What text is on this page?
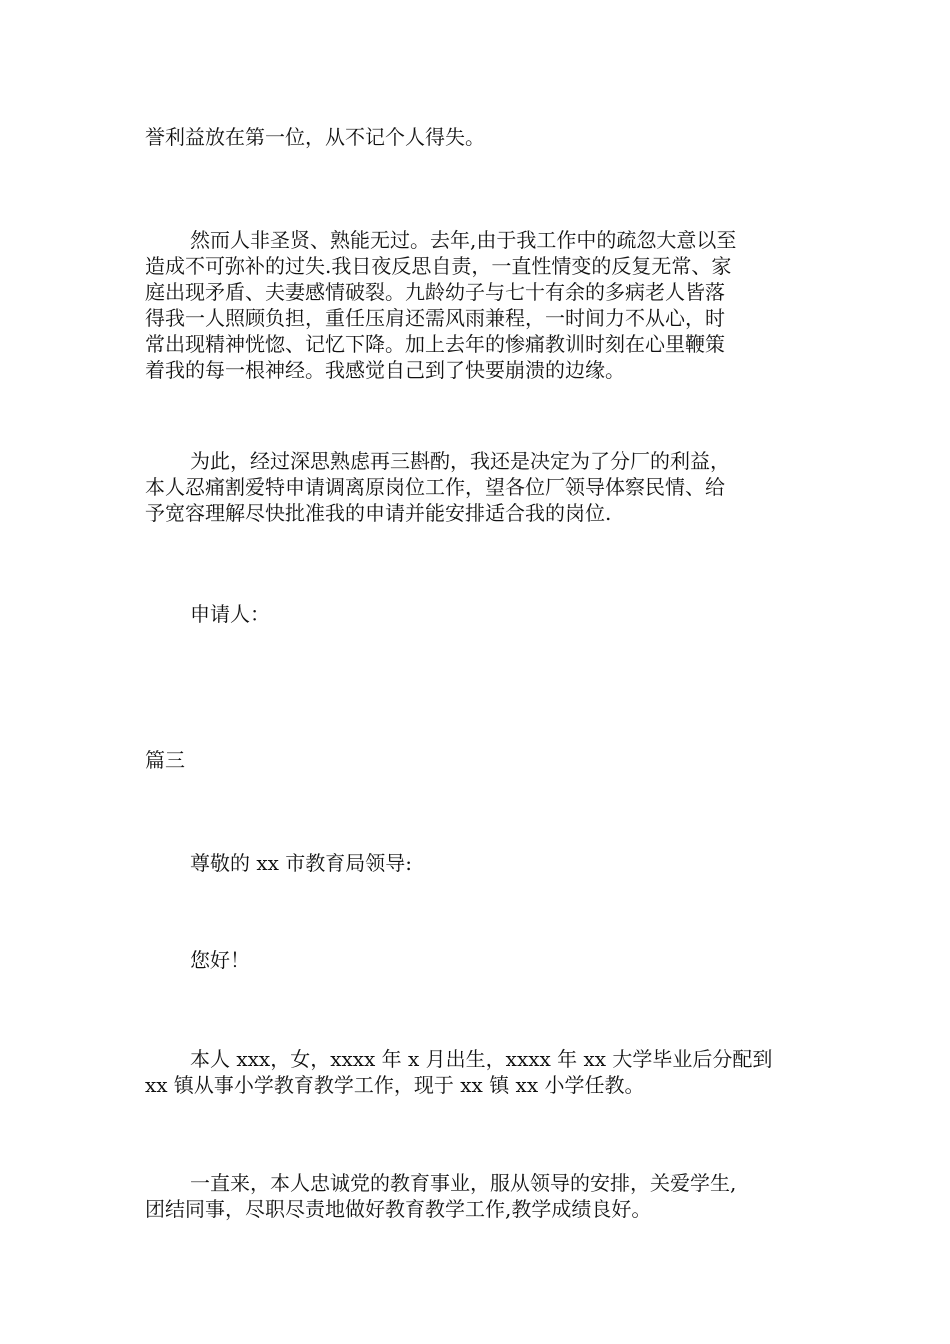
誉利益放在第一位，从不记个人得失。

然而人非圣贤、熟能无过。去年,由于我工作中的疏忽大意以至
造成不可弥补的过失.我日夜反思自责，一直性情变的反复无常、家
庭出现矛盾、夫妻感情破裂。九龄幼子与七十有余的多病老人皆落
得我一人照顾负担，重任压肩还需风雨兼程，一时间力不从心，时
常出现精神恍惚、记忆下降。加上去年的惨痛教训时刻在心里鞭策
着我的每一根神经。我感觉自己到了快要崩溃的边缘。

为此，经过深思熟虑再三斟酌，我还是决定为了分厂的利益，
本人忍痛割爱特申请调离原岗位工作，望各位厂领导体察民情、给
予宽容理解尽快批准我的申请并能安排适合我的岗位.

申请人：

篇三

尊敬的 xx 市教育局领导:

您好！

本人 xxx，女，xxxx 年 x 月出生，xxxx 年 xx 大学毕业后分配到
xx 镇从事小学教育教学工作，现于 xx 镇 xx 小学任教。

一直来，本人忠诚党的教育事业，服从领导的安排，关爱学生,
团结同事，尽职尽责地做好教育教学工作,教学成绩良好。
